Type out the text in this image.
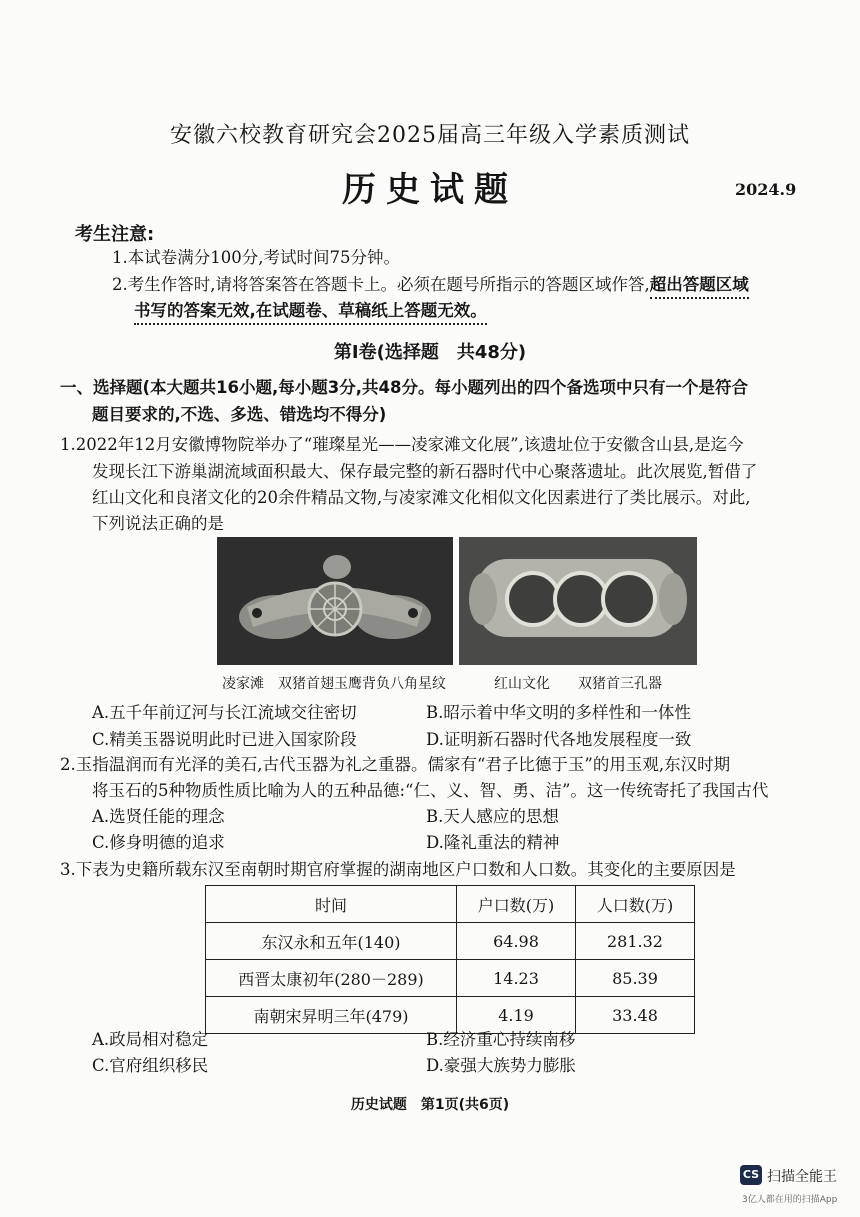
安徽六校教育研究会2025届高三年级入学素质测试
历史试题	2024.9
考生注意:
1.本试卷满分100分,考试时间75分钟。
2.考生作答时,请将答案答在答题卡上。必须在题号所指示的答题区域作答,超出答题区域
书写的答案无效,在试题卷、草稿纸上答题无效。
第Ⅰ卷(选择题　共48分)
一、选择题(本大题共16小题,每小题3分,共48分。每小题列出的四个备选项中只有一个是符合
题目要求的,不选、多选、错选均不得分)
1.2022年12月安徽博物院举办了“璀璨星光——凌家滩文化展”,该遗址位于安徽含山县,是迄今
发现长江下游巢湖流域面积最大、保存最完整的新石器时代中心聚落遗址。此次展览,暂借了
红山文化和良渚文化的20余件精品文物,与凌家滩文化相似文化因素进行了类比展示。对此,
下列说法正确的是
凌家滩　双猪首翅玉鹰背负八角星纹	红山文化　　双猪首三孔器
A.五千年前辽河与长江流域交往密切	B.昭示着中华文明的多样性和一体性
C.精美玉器说明此时已进入国家阶段	D.证明新石器时代各地发展程度一致
2.玉指温润而有光泽的美石,古代玉器为礼之重器。儒家有“君子比德于玉”的用玉观,东汉时期
将玉石的5种物质性质比喻为人的五种品德:“仁、义、智、勇、洁”。这一传统寄托了我国古代
A.选贤任能的理念	B.天人感应的思想
C.修身明德的追求	D.隆礼重法的精神
3.下表为史籍所载东汉至南朝时期官府掌握的湖南地区户口数和人口数。其变化的主要原因是
时间	户口数(万)	人口数(万)
东汉永和五年(140)	64.98	281.32
西晋太康初年(280－289)	14.23	85.39
南朝宋昇明三年(479)	4.19	33.48
A.政局相对稳定	B.经济重心持续南移
C.官府组织移民	D.豪强大族势力膨胀
历史试题　第1页(共6页)
CS 扫描全能王
3亿人都在用的扫描App
